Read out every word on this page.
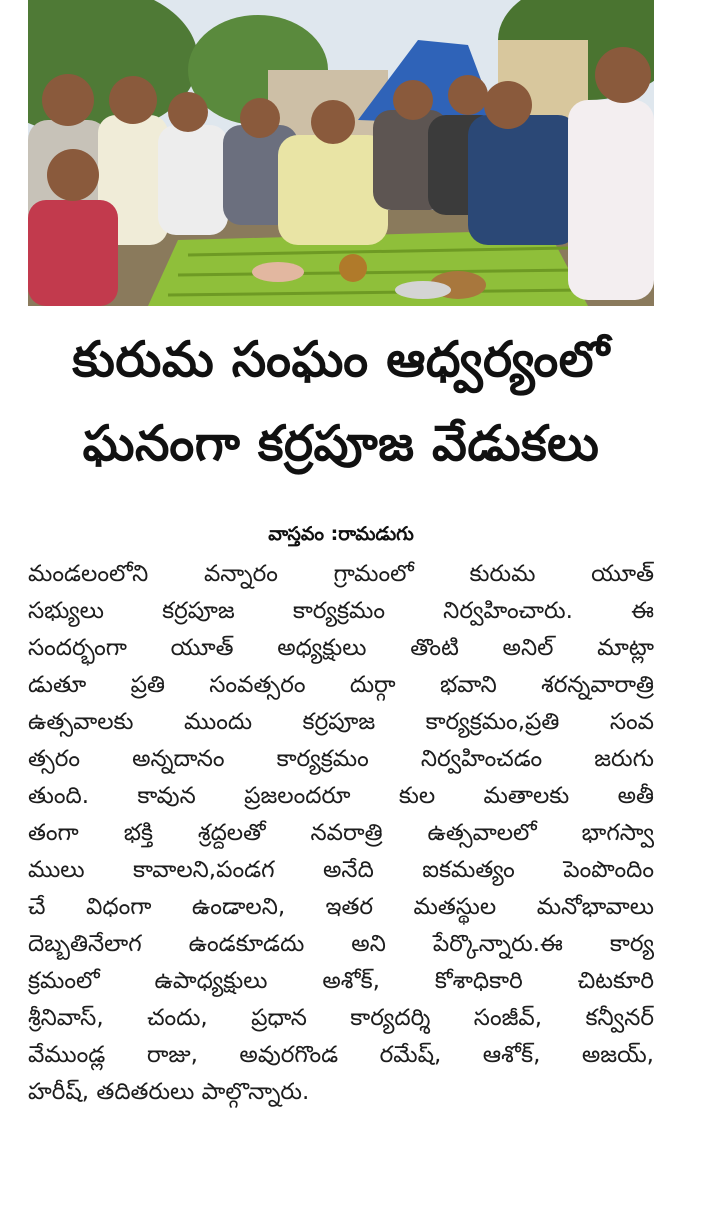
కురుమ సంఘం ఆధ్వర్యంలో
ఘనంగా కర్రపూజ వేడుకలు
వాస్తవం :రామడుగు
మండలంలోని వన్నారం గ్రామంలో కురుమ యూత్
సభ్యులు కర్రపూజ కార్యక్రమం నిర్వహించారు. ఈ
సందర్భంగా యూత్ అధ్యక్షులు తొంటి అనిల్ మాట్లా
డుతూ ప్రతి సంవత్సరం దుర్గా భవాని శరన్నవారాత్రి
ఉత్సవాలకు ముందు కర్రపూజ కార్యక్రమం,ప్రతి సంవ
త్సరం అన్నదానం కార్యక్రమం నిర్వహించడం జరుగు
తుంది. కావున ప్రజలందరూ కుల మతాలకు అతీ
తంగా భక్తి శ్రద్దలతో నవరాత్రి ఉత్సవాలలో భాగస్వా
ములు కావాలని,పండగ అనేది ఐకమత్యం పెంపొందిం
చే విధంగా ఉండాలని, ఇతర మతస్థుల మనోభావాలు
దెబ్బతినేలాగ ఉండకూడదు అని పేర్కొన్నారు.ఈ కార్య
క్రమంలో ఉపాధ్యక్షులు అశోక్, కోశాధికారి చిటకూరి
శ్రీనివాస్, చందు, ప్రధాన కార్యదర్శి సంజీవ్, కన్వీనర్
వేముండ్ల రాజు, అవురగొండ రమేష్, ఆశోక్, అజయ్,
హరీష్, తదితరులు పాల్గొన్నారు.
